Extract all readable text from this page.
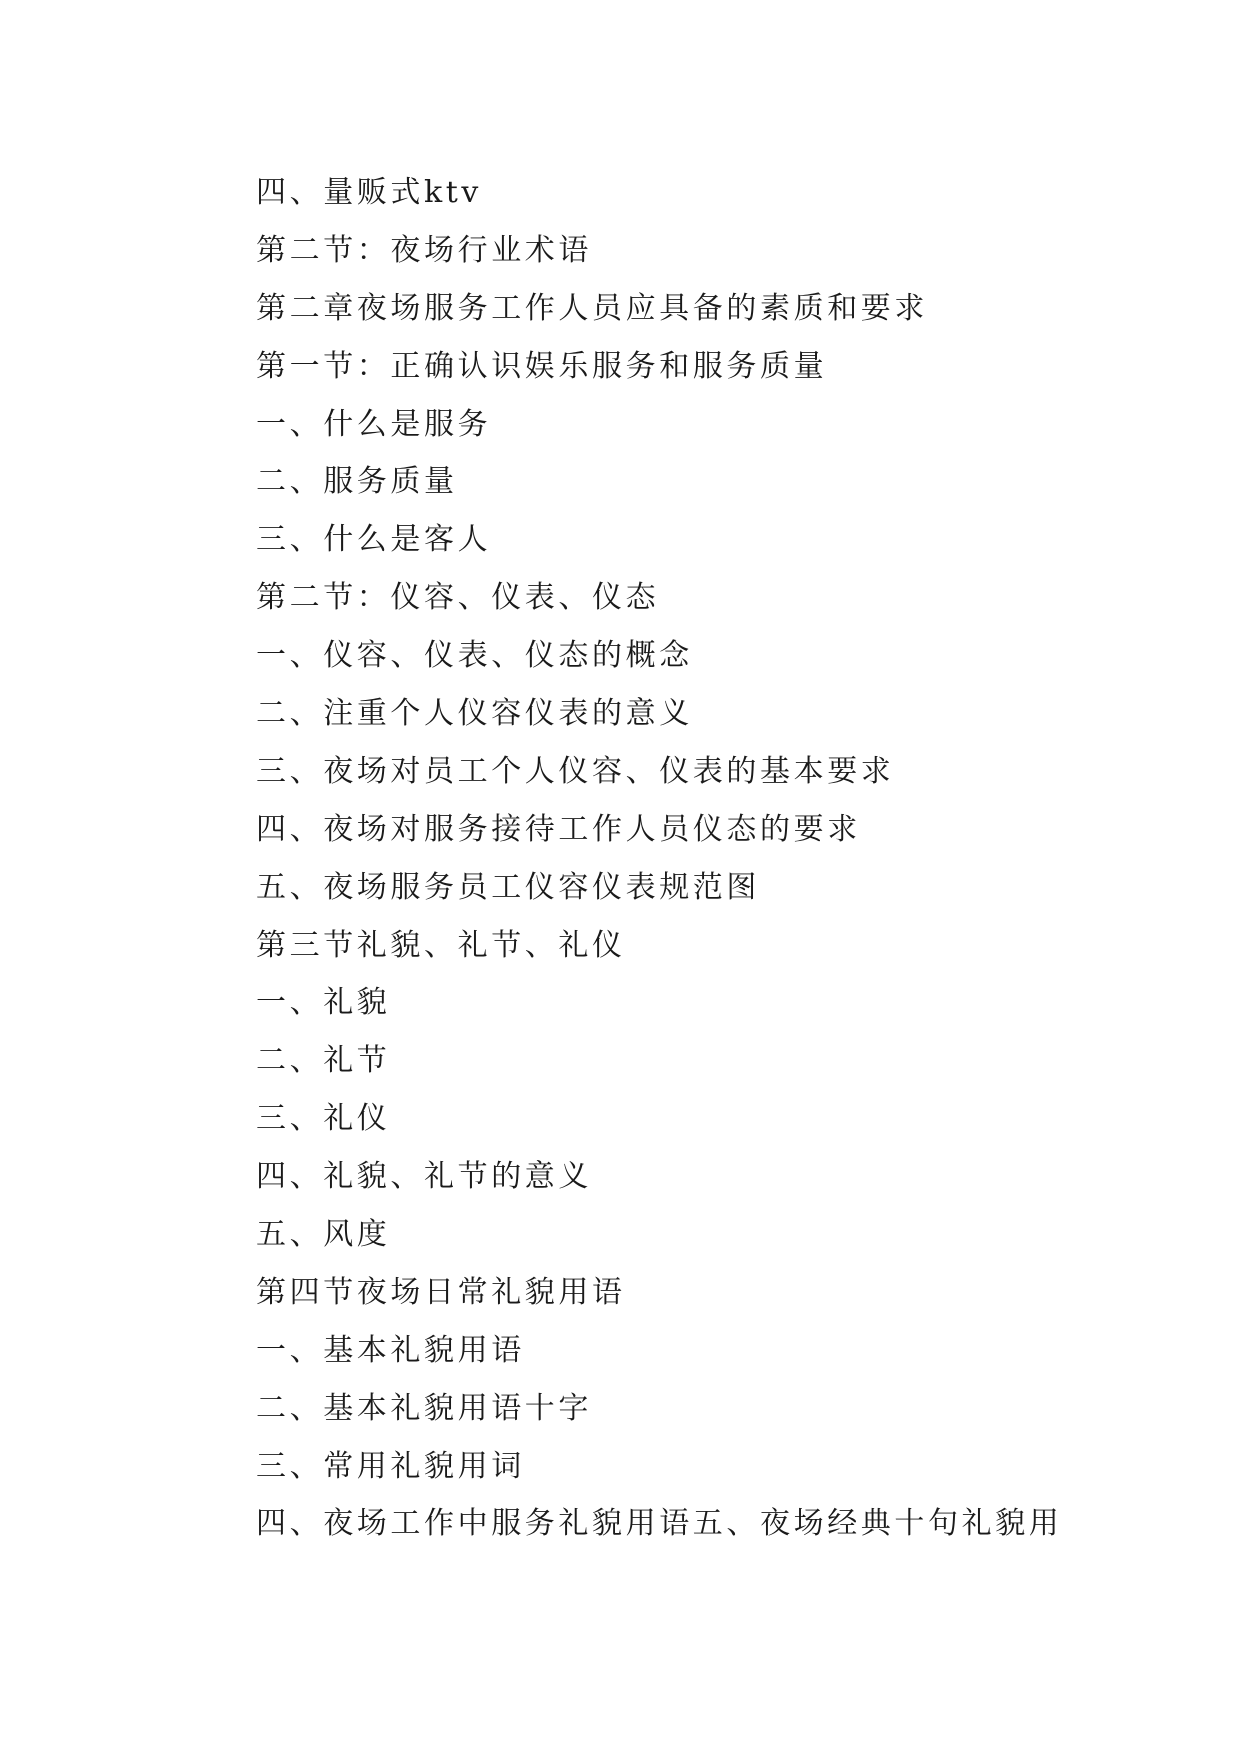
四、量贩式ktv
第二节：夜场行业术语
第二章夜场服务工作人员应具备的素质和要求
第一节：正确认识娱乐服务和服务质量
一、什么是服务
二、服务质量
三、什么是客人
第二节：仪容、仪表、仪态
一、仪容、仪表、仪态的概念
二、注重个人仪容仪表的意义
三、夜场对员工个人仪容、仪表的基本要求
四、夜场对服务接待工作人员仪态的要求
五、夜场服务员工仪容仪表规范图
第三节礼貌、礼节、礼仪
一、礼貌
二、礼节
三、礼仪
四、礼貌、礼节的意义
五、风度
第四节夜场日常礼貌用语
一、基本礼貌用语
二、基本礼貌用语十字
三、常用礼貌用词
四、夜场工作中服务礼貌用语五、夜场经典十句礼貌用
